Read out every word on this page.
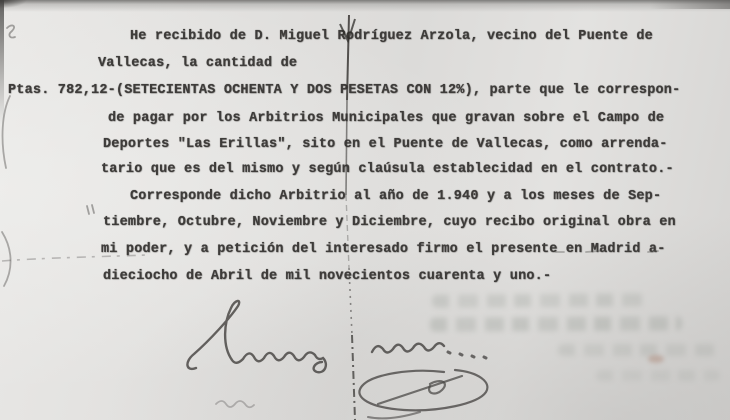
He recibido de D. Miguel Rodríguez Arzola, vecino del Puente de
Vallecas, la cantidad de
Ptas. 782,12-(SETECIENTAS OCHENTA Y DOS PESETAS CON 12%), parte que le correspon-
de pagar por los Arbitrios Municipales que gravan sobre el Campo de
Deportes "Las Erillas", sito en el Puente de Vallecas, como arrenda-
tario que es del mismo y según claúsula establecidad en el contrato.-
Corresponde dicho Arbitrio al año de 1.940 y a los meses de Sep-
tiembre, Octubre, Noviembre y Diciembre, cuyo recibo original obra en
mi poder, y a petición del interesado firmo el presente en Madrid a-
dieciocho de Abril de mil novecientos cuarenta y uno.-
